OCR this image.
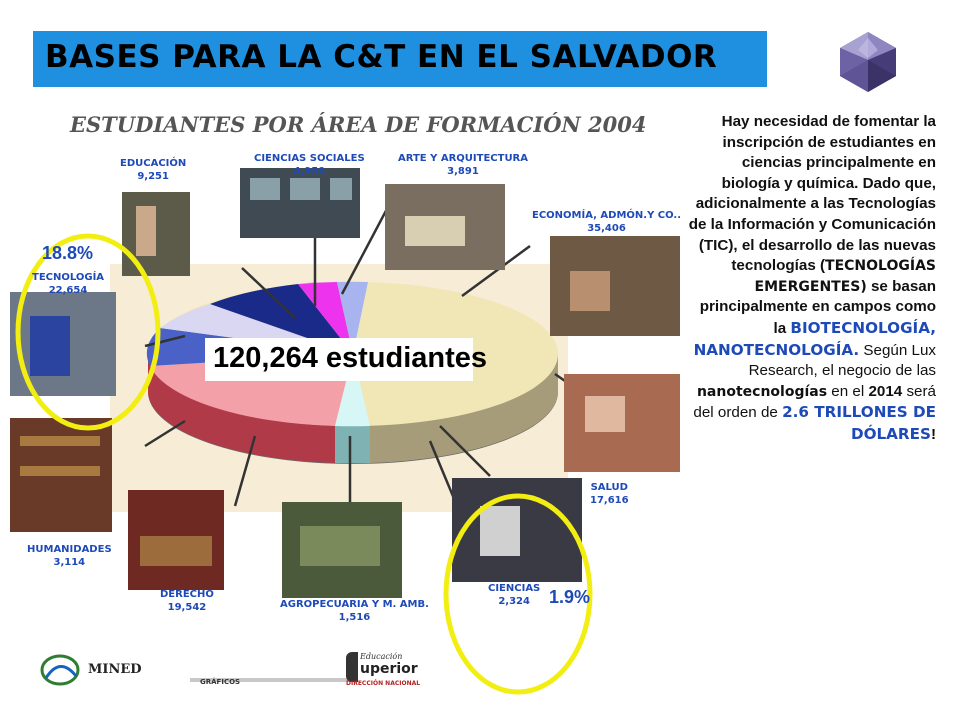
BASES PARA LA C&T EN EL SALVADOR
ESTUDIANTES POR ÁREA DE FORMACIÓN 2004
EDUCACIÓN
9,251
CIENCIAS SOCIALES
4,950
ARTE Y ARQUITECTURA
3,891
ECONOMÍA, ADMÓN.Y CO..
35,406
TECNOLOGÍA
22,654
SALUD
17,616
HUMANIDADES
3,114
DERECHO
19,542	AGROPECUARIA Y M. AMB.
1,516
CIENCIAS
2,324
18.8%
1.9%
120,264 estudiantes
MINED
GRÁFICOS
Educación
uperior
DIRECCIÓN NACIONAL
Hay necesidad de fomentar la inscripción de estudiantes en ciencias principalmente en biología y química. Dado que, adicionalmente a las Tecnologías de la Información y Comunicación (TIC), el desarrollo de las nuevas tecnologías (TECNOLOGÍAS EMERGENTES) se basan principalmente en campos como la BIOTECNOLOGÍA, NANOTECNOLOGÍA. Según Lux Research, el negocio de las nanotecnologías en el 2014 será del orden de 2.6 TRILLONES DE DÓLARES!
